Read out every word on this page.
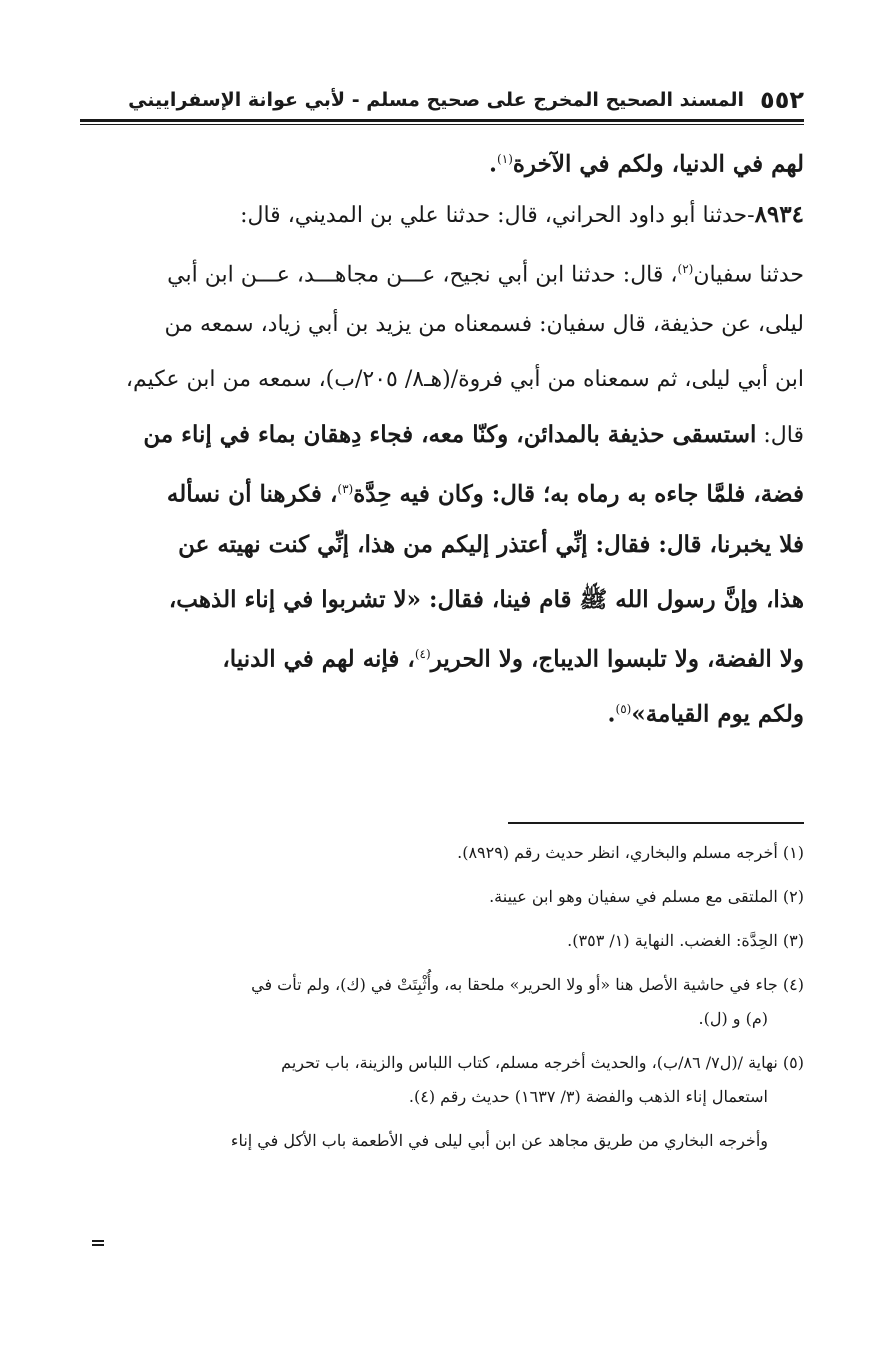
٥٥٢
المسند الصحيح المخرج على صحيح مسلم - لأبي عوانة الإسفراييني
لهم في الدنيا، ولكم في الآخرة$^{(١)}$.
٨٩٣٤-حدثنا أبو داود الحراني، قال: حدثنا علي بن المديني، قال:
حدثنا سفيان$^{(٢)}$، قال: حدثنا ابن أبي نجيح، عـــن مجاهـــد، عـــن ابن أبي
ليلى، عن حذيفة، قال سفيان: فسمعناه من يزيد بن أبي زياد، سمعه من
ابن أبي ليلى، ثم سمعناه من أبي فروة/(هـ٨/ ٢٠٥/ب)، سمعه من ابن عكيم،
قال: استسقى حذيفة بالمدائن، وكنّا معه، فجاء دِهقان بماء في إناء من
فضة، فلمَّا جاءه به رماه به؛ قال: وكان فيه حِدَّة$^{(٣)}$، فكرهنا أن نسأله
فلا يخبرنا، قال: فقال: إنِّي أعتذر إليكم من هذا، إنِّي كنت نهيته عن
هذا، وإنَّ رسول الله ﷺ قام فينا، فقال: «لا تشربوا في إناء الذهب،
ولا الفضة، ولا تلبسوا الديباج، ولا الحرير$^{(٤)}$، فإنه لهم في الدنيا،
ولكم يوم القيامة»$^{(٥)}$.
(١) أخرجه مسلم والبخاري، انظر حديث رقم (٨٩٢٩).
(٢) الملتقى مع مسلم في سفيان وهو ابن عيينة.
(٣) الحِدَّة: الغضب. النهاية (١/ ٣٥٣).
(٤) جاء في حاشية الأصل هنا «أو ولا الحرير» ملحقا به، وأُثْبِتَتْ في (ك)، ولم تأت في
(م) و (ل).
(٥) نهاية /(ل٧/ ٨٦/ب)، والحديث أخرجه مسلم، كتاب اللباس والزينة، باب تحريم
استعمال إناء الذهب والفضة (٣/ ١٦٣٧) حديث رقم (٤).
وأخرجه البخاري من طريق مجاهد عن ابن أبي ليلى في الأطعمة باب الأكل في إناء
